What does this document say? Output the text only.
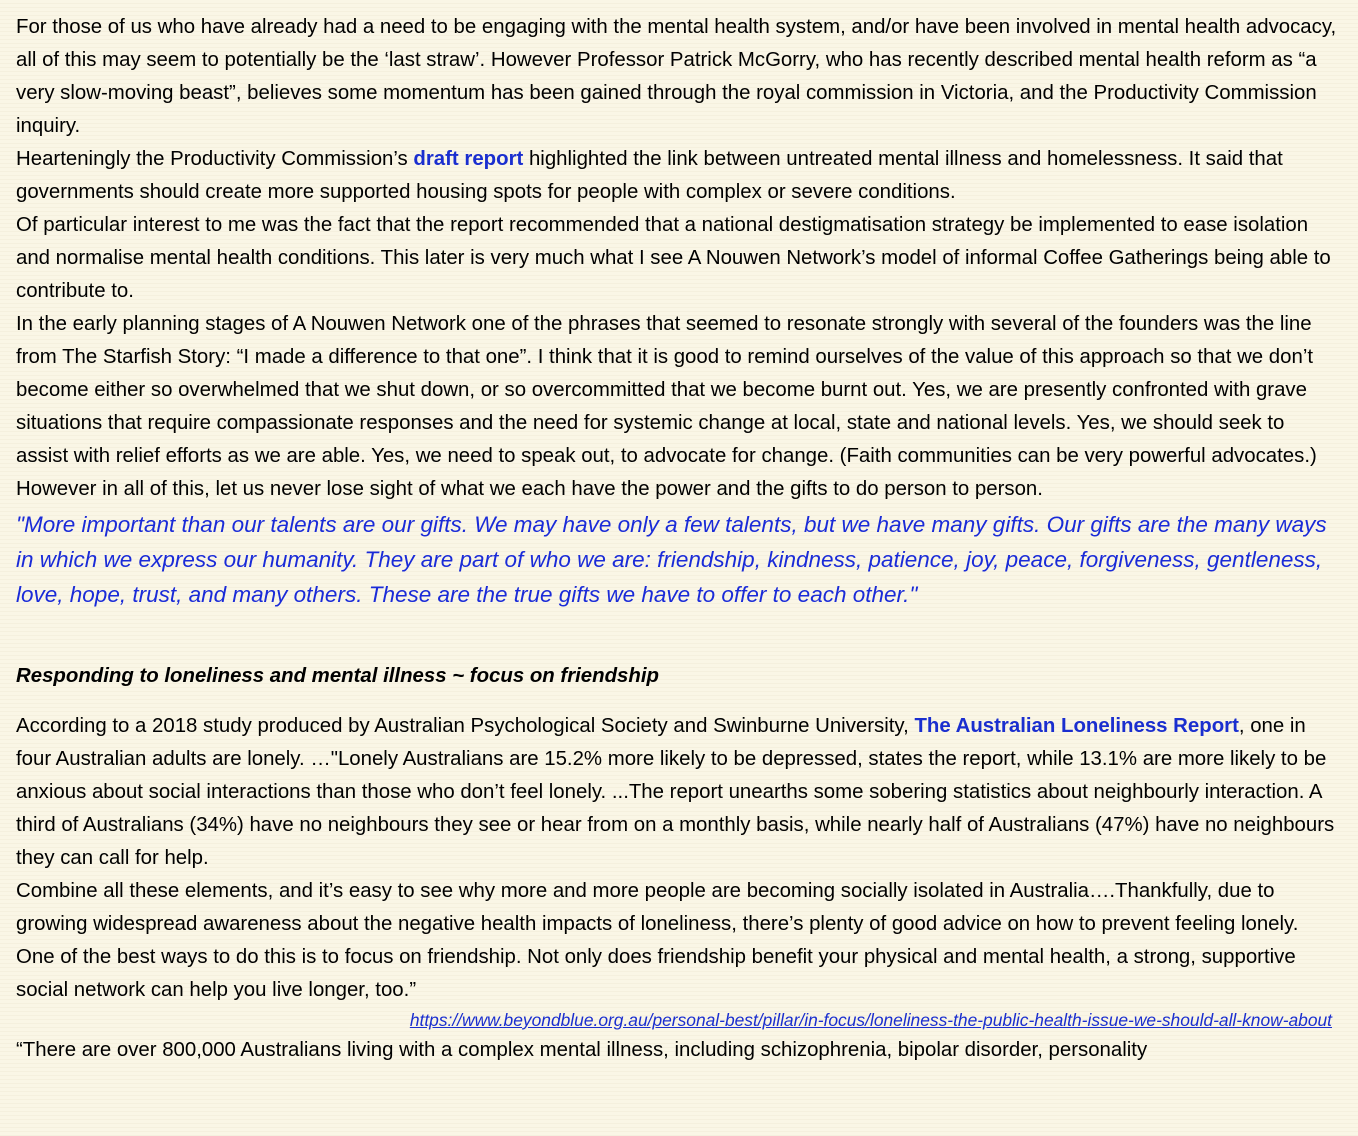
For those of us who have already had a need to be engaging with the mental health system, and/or have been involved in mental health advocacy, all of this may seem to potentially be the ‘last straw’. However Professor Patrick McGorry, who has recently described mental health reform as “a very slow-moving beast”, believes some momentum has been gained through the royal commission in Victoria, and the Productivity Commission inquiry.

Hearteningly the Productivity Commission’s draft report highlighted the link between untreated mental illness and homelessness. It said that governments should create more supported housing spots for people with complex or severe conditions.

Of particular interest to me was the fact that the report recommended that a national destigmatisation strategy be implemented to ease isolation and normalise mental health conditions. This later is very much what I see A Nouwen Network’s model of informal Coffee Gatherings being able to contribute to.

In the early planning stages of A Nouwen Network one of the phrases that seemed to resonate strongly with several of the founders was the line from The Starfish Story: “I made a difference to that one”. I think that it is good to remind ourselves of the value of this approach so that we don’t become either so overwhelmed that we shut down, or so overcommitted that we become burnt out. Yes, we are presently confronted with grave situations that require compassionate responses and the need for systemic change at local, state and national levels. Yes, we should seek to assist with relief efforts as we are able. Yes, we need to speak out, to advocate for change. (Faith communities can be very powerful advocates.) However in all of this, let us never lose sight of what we each have the power and the gifts to do person to person.

"More important than our talents are our gifts. We may have only a few talents, but we have many gifts. Our gifts are the many ways in which we express our humanity. They are part of who we are: friendship, kindness, patience, joy, peace, forgiveness, gentleness, love, hope, trust, and many others. These are the true gifts we have to offer to each other."

Responding to loneliness and mental illness ~ focus on friendship

According to a 2018 study produced by Australian Psychological Society and Swinburne University, The Australian Loneliness Report, one in four Australian adults are lonely. …"Lonely Australians are 15.2% more likely to be depressed, states the report, while 13.1% are more likely to be anxious about social interactions than those who don’t feel lonely. ...The report unearths some sobering statistics about neighbourly interaction. A third of Australians (34%) have no neighbours they see or hear from on a monthly basis, while nearly half of Australians (47%) have no neighbours they can call for help.

Combine all these elements, and it’s easy to see why more and more people are becoming socially isolated in Australia….Thankfully, due to growing widespread awareness about the negative health impacts of loneliness, there’s plenty of good advice on how to prevent feeling lonely.

One of the best ways to do this is to focus on friendship. Not only does friendship benefit your physical and mental health, a strong, supportive social network can help you live longer, too.”

https://www.beyondblue.org.au/personal-best/pillar/in-focus/loneliness-the-public-health-issue-we-should-all-know-about

“There are over 800,000 Australians living with a complex mental illness, including schizophrenia, bipolar disorder, personality
